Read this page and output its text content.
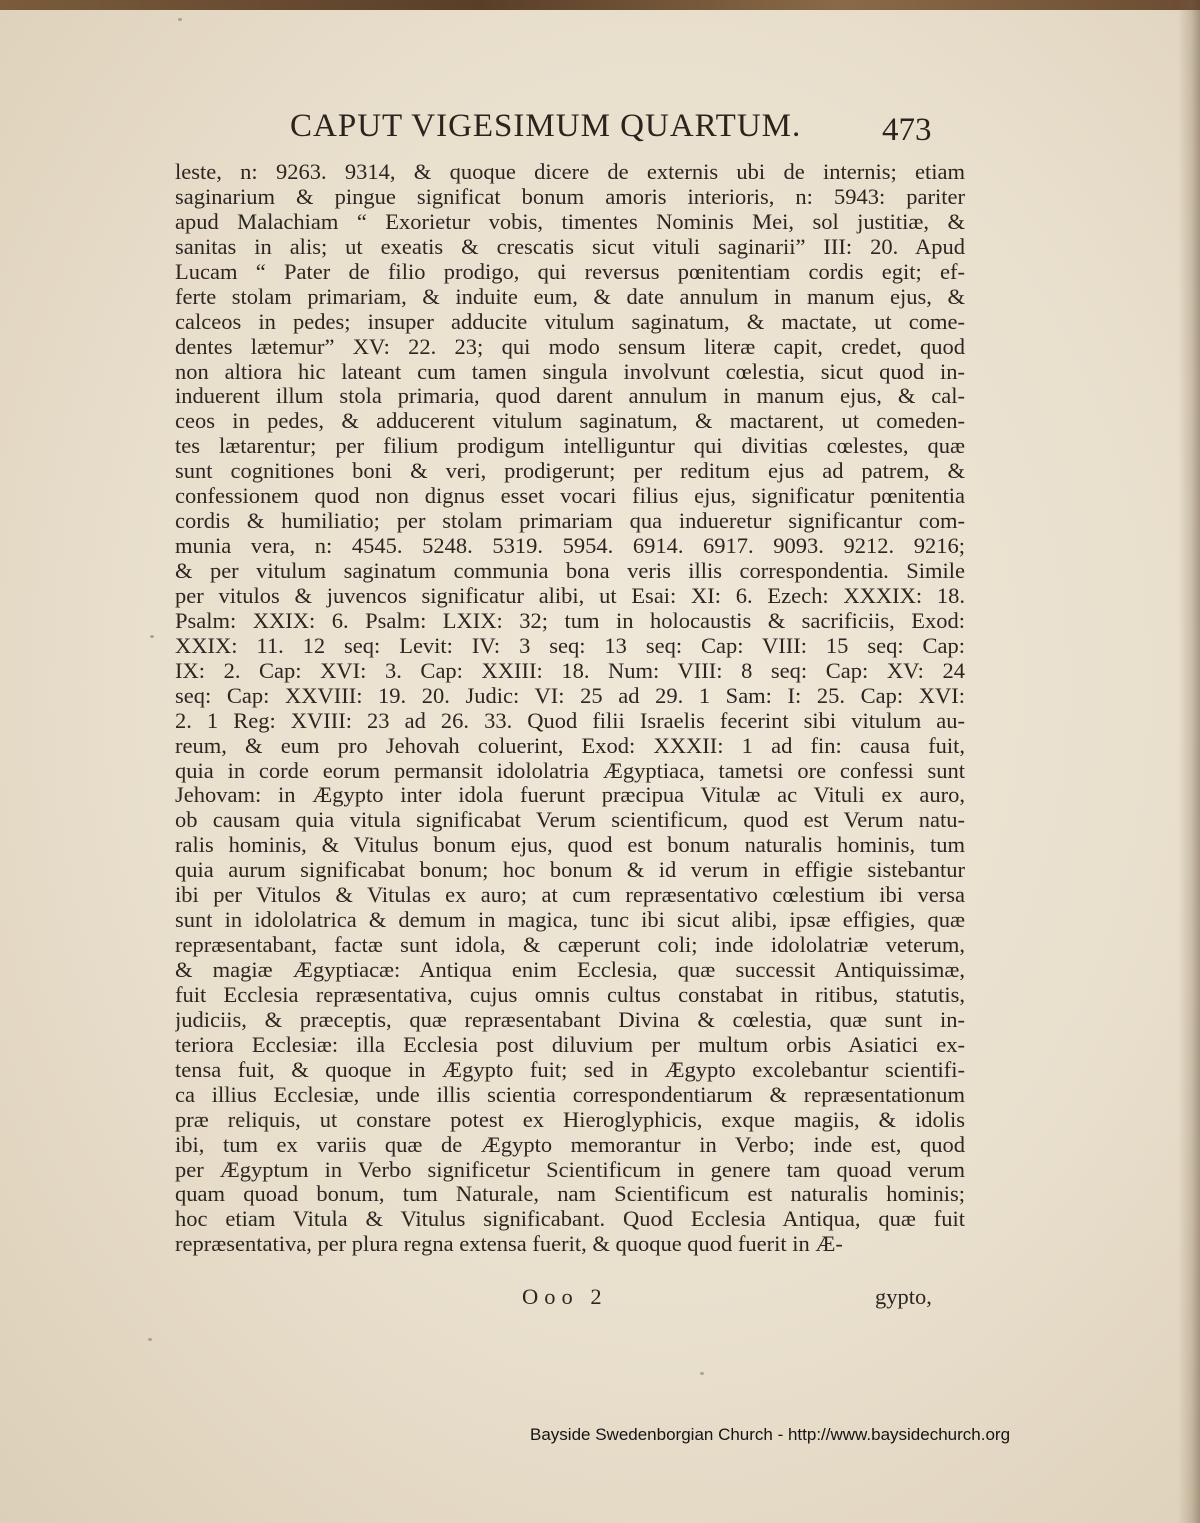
CAPUT VIGESIMUM QUARTUM. 473
leste, n: 9263. 9314, & quoque dicere de externis ubi de internis; etiam
saginarium & pingue significat bonum amoris interioris, n: 5943: pariter
apud Malachiam “ Exorietur vobis, timentes Nominis Mei, sol justitiæ, &
sanitas in alis; ut exeatis & crescatis sicut vituli saginarii” III: 20. Apud
Lucam “ Pater de filio prodigo, qui reversus pœnitentiam cordis egit; ef-
ferte stolam primariam, & induite eum, & date annulum in manum ejus, &
calceos in pedes; insuper adducite vitulum saginatum, & mactate, ut come-
dentes lætemur” XV: 22. 23; qui modo sensum literæ capit, credet, quod
non altiora hic lateant cum tamen singula involvunt cœlestia, sicut quod in-
induerent illum stola primaria, quod darent annulum in manum ejus, & cal-
ceos in pedes, & adducerent vitulum saginatum, & mactarent, ut comeden-
tes lætarentur; per filium prodigum intelliguntur qui divitias cœlestes, quæ
sunt cognitiones boni & veri, prodigerunt; per reditum ejus ad patrem, &
confessionem quod non dignus esset vocari filius ejus, significatur pœnitentia
cordis & humiliatio; per stolam primariam qua indueretur significantur com-
munia vera, n: 4545. 5248. 5319. 5954. 6914. 6917. 9093. 9212. 9216;
& per vitulum saginatum communia bona veris illis correspondentia. Simile
per vitulos & juvencos significatur alibi, ut Esai: XI: 6. Ezech: XXXIX: 18.
Psalm: XXIX: 6. Psalm: LXIX: 32; tum in holocaustis & sacrificiis, Exod:
XXIX: 11. 12 seq: Levit: IV: 3 seq: 13 seq: Cap: VIII: 15 seq: Cap:
IX: 2. Cap: XVI: 3. Cap: XXIII: 18. Num: VIII: 8 seq: Cap: XV: 24
seq: Cap: XXVIII: 19. 20. Judic: VI: 25 ad 29. 1 Sam: I: 25. Cap: XVI:
2. 1 Reg: XVIII: 23 ad 26. 33. Quod filii Israelis fecerint sibi vitulum au-
reum, & eum pro Jehovah coluerint, Exod: XXXII: 1 ad fin: causa fuit,
quia in corde eorum permansit idololatria Ægyptiaca, tametsi ore confessi sunt
Jehovam: in Ægypto inter idola fuerunt præcipua Vitulæ ac Vituli ex auro,
ob causam quia vitula significabat Verum scientificum, quod est Verum natu-
ralis hominis, & Vitulus bonum ejus, quod est bonum naturalis hominis, tum
quia aurum significabat bonum; hoc bonum & id verum in effigie sistebantur
ibi per Vitulos & Vitulas ex auro; at cum repræsentativo cœlestium ibi versa
sunt in idololatrica & demum in magica, tunc ibi sicut alibi, ipsæ effigies, quæ
repræsentabant, factæ sunt idola, & cæperunt coli; inde idololatriæ veterum,
& magiæ Ægyptiacæ: Antiqua enim Ecclesia, quæ successit Antiquissimæ,
fuit Ecclesia repræsentativa, cujus omnis cultus constabat in ritibus, statutis,
judiciis, & præceptis, quæ repræsentabant Divina & cœlestia, quæ sunt in-
teriora Ecclesiæ: illa Ecclesia post diluvium per multum orbis Asiatici ex-
tensa fuit, & quoque in Ægypto fuit; sed in Ægypto excolebantur scientifi-
ca illius Ecclesiæ, unde illis scientia correspondentiarum & repræsentationum
præ reliquis, ut constare potest ex Hieroglyphicis, exque magiis, & idolis
ibi, tum ex variis quæ de Ægypto memorantur in Verbo; inde est, quod
per Ægyptum in Verbo significetur Scientificum in genere tam quoad verum
quam quoad bonum, tum Naturale, nam Scientificum est naturalis hominis;
hoc etiam Vitula & Vitulus significabant. Quod Ecclesia Antiqua, quæ fuit
repræsentativa, per plura regna extensa fuerit, & quoque quod fuerit in Æ-
Ooo 2	gypto,
Bayside Swedenborgian Church - http://www.baysidechurch.org
